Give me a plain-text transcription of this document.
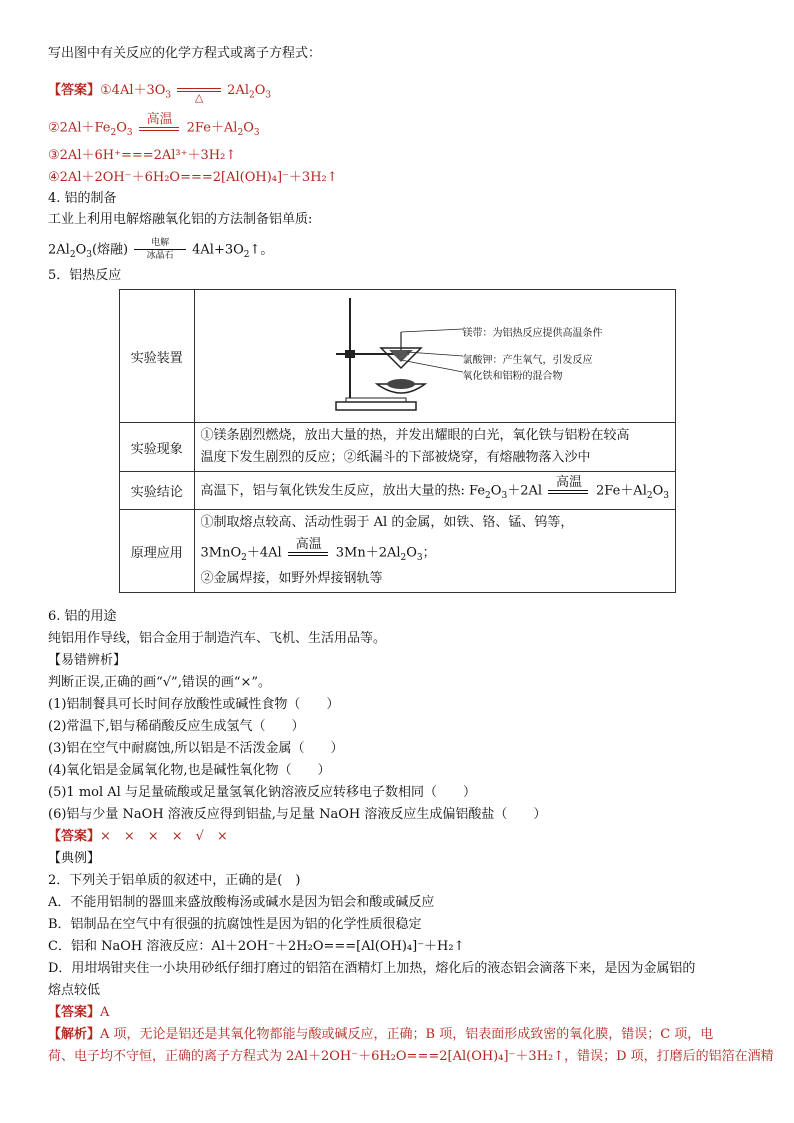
写出图中有关反应的化学方程式或离子方程式：
【答案】$①4Al+3O_3$	△	$2Al_2O_3$
$②2Al+Fe_2O_3$
高温
$2Fe+Al_2O_3$
③2Al＋6H⁺===2Al³⁺＋3H₂↑
④2Al＋2OH⁻＋6H₂O===2[Al(OH)₄]⁻＋3H₂↑
4. 铝的制备
工业上利用电解熔融氧化铝的方法制备铝单质:
$2Al_2O_3$(熔融)	电解
冰晶石	$4Al+3O_2↑$。
5．铝热反应
实验装置	镁带：为铝热反应提供高温条件
氯酸钾：产生氧气，引发反应
氧化铁和铝粉的混合物

实验现象	①镁条剧烈燃烧，放出大量的热，并发出耀眼的白光，氧化铁与铝粉在较高
温度下发生剧烈的反应；②纸漏斗的下部被烧穿，有熔融物落入沙中

实验结论	高温下，铝与氧化铁发生反应，放出大量的热: $Fe_2O_3+2Al$
高温
$2Fe+Al_2O_3$
原理应用	①制取熔点较高、活动性弱于 Al 的金属，如铁、铬、锰、钨等，
3MnO$_2$＋4Al
高温
$3Mn+2Al_2O_3$；
②金属焊接，如野外焊接钢轨等
6. 铝的用途
纯铝用作导线，铝合金用于制造汽车、飞机、生活用品等。
【易错辨析】
判断正误,正确的画“√”,错误的画“×”。
(1)铝制餐具可长时间存放酸性或碱性食物（　　）
(2)常温下,铝与稀硝酸反应生成氢气（　　）
(3)铝在空气中耐腐蚀,所以铝是不活泼金属（　　）
(4)氧化铝是金属氧化物,也是碱性氧化物（　　）
(5)1 mol Al 与足量硫酸或足量氢氧化钠溶液反应转移电子数相同（　　）
(6)铝与少量 NaOH 溶液反应得到铝盐,与足量 NaOH 溶液反应生成偏铝酸盐（　　）
【答案】×　×　×　×　√　×
【典例】
2．下列关于铝单质的叙述中，正确的是(　)
A．不能用铝制的器皿来盛放酸梅汤或碱水是因为铝会和酸或碱反应
B．铝制品在空气中有很强的抗腐蚀性是因为铝的化学性质很稳定
C．铝和 NaOH 溶液反应：Al＋2OH⁻＋2H₂O===[Al(OH)₄]⁻＋H₂↑
D．用坩埚钳夹住一小块用砂纸仔细打磨过的铝箔在酒精灯上加热，熔化后的液态铝会滴落下来，是因为金属铝的
熔点较低
【答案】A
【解析】A 项，无论是铝还是其氧化物都能与酸或碱反应，正确；B 项，铝表面形成致密的氧化膜，错误；C 项，电
荷、电子均不守恒，正确的离子方程式为 2Al＋2OH⁻＋6H₂O===2[Al(OH)₄]⁻＋3H₂↑，错误；D 项，打磨后的铝箔在酒精
